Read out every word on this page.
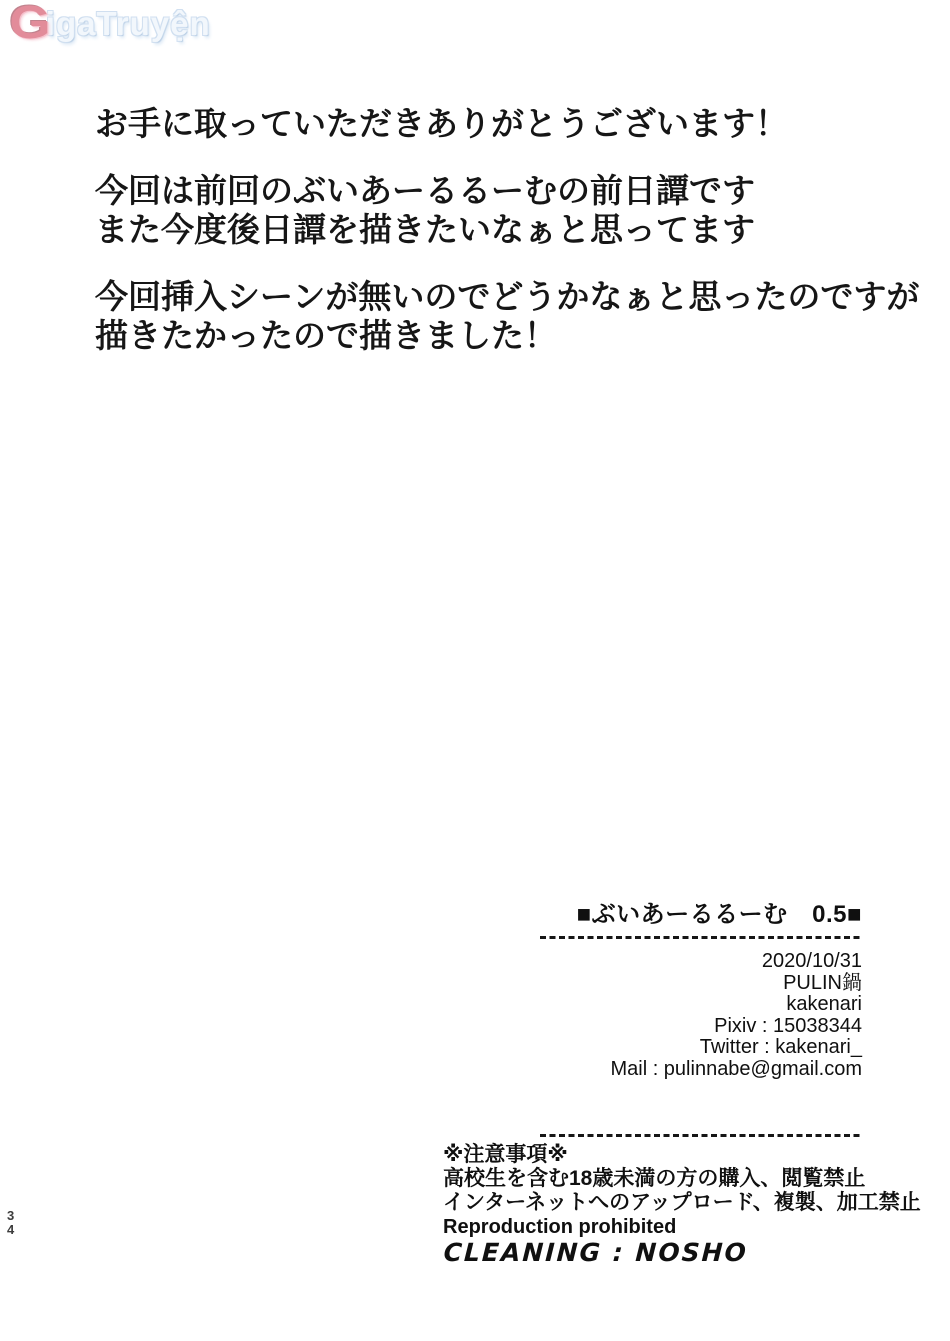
GigaTruyện

お手に取っていただきありがとうございます！

今回は前回のぶいあーるるーむの前日譚です
また今度後日譚を描きたいなぁと思ってます

今回挿入シーンが無いのでどうかなぁと思ったのですが
描きたかったので描きました！

■ぶいあーるるーむ　0.5■
2020/10/31
PULIN鍋
kakenari
Pixiv : 15038344
Twitter : kakenari_
Mail : pulinnabe@gmail.com
※注意事項※
高校生を含む18歳未満の方の購入、閲覧禁止
インターネットへのアップロード、複製、加工禁止
Reproduction prohibited
CLEANING : NOSHO
3
4
